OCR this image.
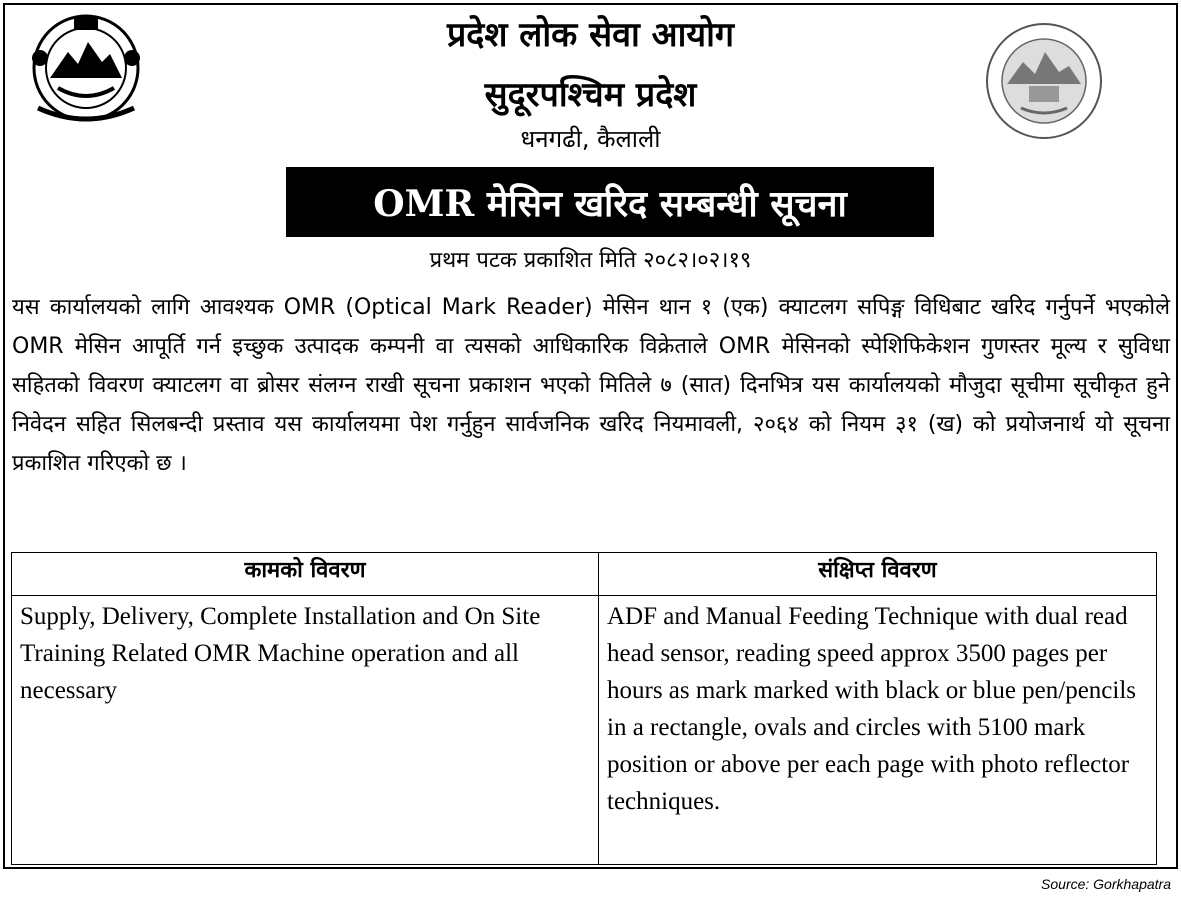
प्रदेश लोक सेवा आयोग
सुदूरपश्चिम प्रदेश
धनगढी, कैलाली
OMR मेसिन खरिद सम्बन्धी सूचना
प्रथम पटक प्रकाशित मिति २०८२।०२।१९
यस कार्यालयको लागि आवश्यक OMR (Optical Mark Reader) मेसिन थान १ (एक) क्याटलग सपिङ्ग विधिबाट खरिद गर्नुपर्ने भएकोले OMR मेसिन आपूर्ति गर्न इच्छुक उत्पादक कम्पनी वा त्यसको आधिकारिक विक्रेताले OMR मेसिनको स्पेशिफिकेशन गुणस्तर मूल्य र सुविधा सहितको विवरण क्याटलग वा ब्रोसर संलग्न राखी सूचना प्रकाशन भएको मितिले ७ (सात) दिनभित्र यस कार्यालयको मौजुदा सूचीमा सूचीकृत हुने निवेदन सहित सिलबन्दी प्रस्ताव यस कार्यालयमा पेश गर्नुहुन सार्वजनिक खरिद नियमावली, २०६४ को नियम ३१ (ख) को प्रयोजनार्थ यो सूचना प्रकाशित गरिएको छ ।
कामको विवरण	संक्षिप्त विवरण
Supply, Delivery, Complete Installation and On Site Training Related OMR Machine operation and all necessary	ADF and Manual Feeding Technique with dual read head sensor, reading speed approx 3500 pages per hours as mark marked with black or blue pen/pencils in a rectangle, ovals and circles with 5100 mark position or above per each page with photo reflector techniques.
Source: Gorkhapatra
